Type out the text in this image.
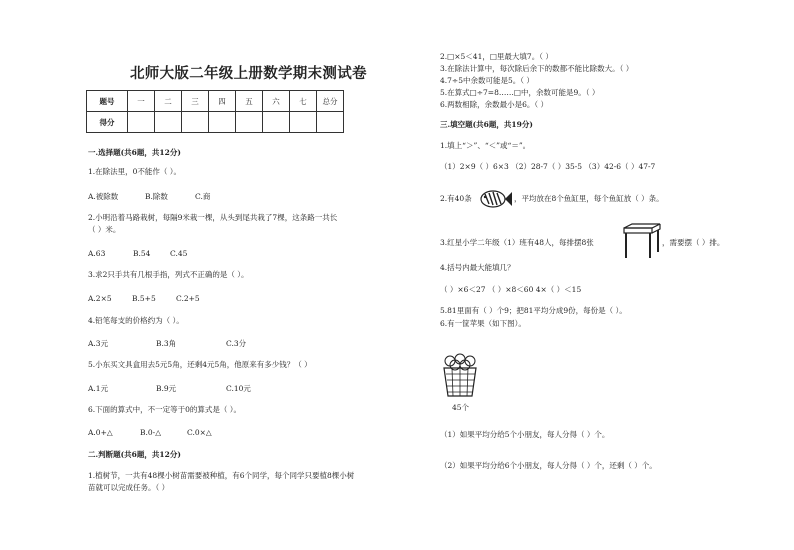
北师大版二年级上册数学期末测试卷
题号	一	二	三	四	五	六	七	总分
得分								
一.选择题(共6题，共12分)
1.在除法里，0不能作（ ）。
A.被除数	B.除数	C.商
2.小明沿着马路栽树，每隔9米栽一棵，从头到尾共栽了7棵，这条路一共长
（ ）米。
A.63	B.54	C.45
3.求2只手共有几根手指，列式不正确的是（ ）。
A.2×5	B.5+5	C.2+5
4.铅笔每支的价格约为（ ）。
A.3元	B.3角	C.3分
5.小东买文具盒用去5元5角，还剩4元5角，他原来有多少钱？（ ）
A.1元	B.9元	C.10元
6.下面的算式中，不一定等于0的算式是（ ）。
A.0+△	B.0-△	C.0×△
二.判断题(共6题，共12分)
1.植树节，一共有48棵小树苗需要被种植，有6个同学，每个同学只要植8棵小树
苗就可以完成任务。（ ）
2.□×5＜41，□里最大填7。（ ）
3.在除法计算中，每次除后余下的数都不能比除数大。（ ）
4.7÷5中余数可能是5。（ ）
5.在算式□÷7=8……□中，余数可能是9。（ ）
6.两数相除，余数最小是6。（ ）
三.填空题(共6题，共19分)
1.填上“＞”、“＜”或“＝”。
（1）2×9（ ）6×3 （2）28-7（ ）35-5 （3）42-6（ ）47-7
2.有40条	，平均放在8个鱼缸里，每个鱼缸放（ ）条。
3.红星小学二年级（1）班有48人，每排摆8张	，需要摆（ ）排。
4.括号内最大能填几？
（ ）×6＜27 （ ）×8＜60 4×（ ）＜15
5.81里面有（ ）个9；把81平均分成9份，每份是（ ）。
6.有一筐苹果（如下图）。
45个
（1）如果平均分给5个小朋友，每人分得（ ）个。
（2）如果平均分给6个小朋友，每人分得（ ）个，还剩（ ）个。
